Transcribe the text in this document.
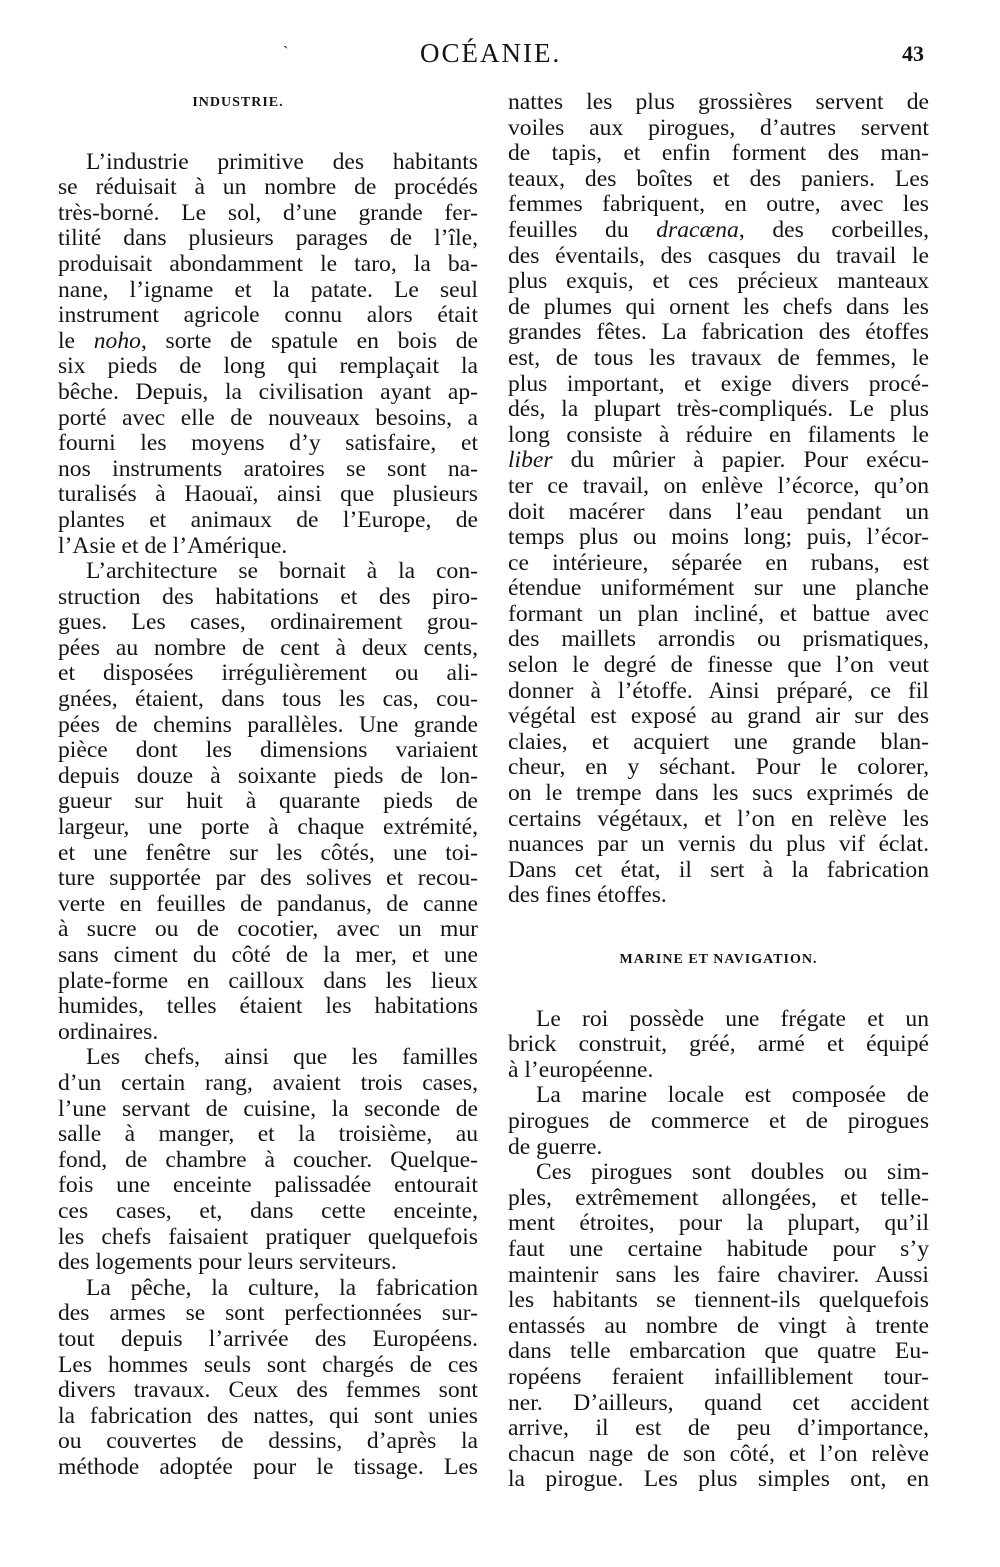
`	OCÉANIE.	43
INDUSTRIE.
L’industrie primitive des habitants
se réduisait à un nombre de procédés
très-borné. Le sol, d’une grande fer-
tilité dans plusieurs parages de l’île,
produisait abondamment le taro, la ba-
nane, l’igname et la patate. Le seul
instrument agricole connu alors était
le noho, sorte de spatule en bois de
six pieds de long qui remplaçait la
bêche. Depuis, la civilisation ayant ap-
porté avec elle de nouveaux besoins, a
fourni les moyens d’y satisfaire, et
nos instruments aratoires se sont na-
turalisés à Haouaï, ainsi que plusieurs
plantes et animaux de l’Europe, de
l’Asie et de l’Amérique.
L’architecture se bornait à la con-
struction des habitations et des piro-
gues. Les cases, ordinairement grou-
pées au nombre de cent à deux cents,
et disposées irrégulièrement ou ali-
gnées, étaient, dans tous les cas, cou-
pées de chemins parallèles. Une grande
pièce dont les dimensions variaient
depuis douze à soixante pieds de lon-
gueur sur huit à quarante pieds de
largeur, une porte à chaque extrémité,
et une fenêtre sur les côtés, une toi-
ture supportée par des solives et recou-
verte en feuilles de pandanus, de canne
à sucre ou de cocotier, avec un mur
sans ciment du côté de la mer, et une
plate-forme en cailloux dans les lieux
humides, telles étaient les habitations
ordinaires.
Les chefs, ainsi que les familles
d’un certain rang, avaient trois cases,
l’une servant de cuisine, la seconde de
salle à manger, et la troisième, au
fond, de chambre à coucher. Quelque-
fois une enceinte palissadée entourait
ces cases, et, dans cette enceinte,
les chefs faisaient pratiquer quelquefois
des logements pour leurs serviteurs.
La pêche, la culture, la fabrication
des armes se sont perfectionnées sur-
tout depuis l’arrivée des Européens.
Les hommes seuls sont chargés de ces
divers travaux. Ceux des femmes sont
la fabrication des nattes, qui sont unies
ou couvertes de dessins, d’après la
méthode adoptée pour le tissage. Les
nattes les plus grossières servent de
voiles aux pirogues, d’autres servent
de tapis, et enfin forment des man-
teaux, des boîtes et des paniers. Les
femmes fabriquent, en outre, avec les
feuilles du dracæna, des corbeilles,
des éventails, des casques du travail le
plus exquis, et ces précieux manteaux
de plumes qui ornent les chefs dans les
grandes fêtes. La fabrication des étoffes
est, de tous les travaux de femmes, le
plus important, et exige divers procé-
dés, la plupart très-compliqués. Le plus
long consiste à réduire en filaments le
liber du mûrier à papier. Pour exécu-
ter ce travail, on enlève l’écorce, qu’on
doit macérer dans l’eau pendant un
temps plus ou moins long; puis, l’écor-
ce intérieure, séparée en rubans, est
étendue uniformément sur une planche
formant un plan incliné, et battue avec
des maillets arrondis ou prismatiques,
selon le degré de finesse que l’on veut
donner à l’étoffe. Ainsi préparé, ce fil
végétal est exposé au grand air sur des
claies, et acquiert une grande blan-
cheur, en y séchant. Pour le colorer,
on le trempe dans les sucs exprimés de
certains végétaux, et l’on en relève les
nuances par un vernis du plus vif éclat.
Dans cet état, il sert à la fabrication
des fines étoffes.
MARINE ET NAVIGATION.
Le roi possède une frégate et un
brick construit, gréé, armé et équipé
à l’européenne.
La marine locale est composée de
pirogues de commerce et de pirogues
de guerre.
Ces pirogues sont doubles ou sim-
ples, extrêmement allongées, et telle-
ment étroites, pour la plupart, qu’il
faut une certaine habitude pour s’y
maintenir sans les faire chavirer. Aussi
les habitants se tiennent-ils quelquefois
entassés au nombre de vingt à trente
dans telle embarcation que quatre Eu-
ropéens feraient infailliblement tour-
ner. D’ailleurs, quand cet accident
arrive, il est de peu d’importance,
chacun nage de son côté, et l’on relève
la pirogue. Les plus simples ont, en
